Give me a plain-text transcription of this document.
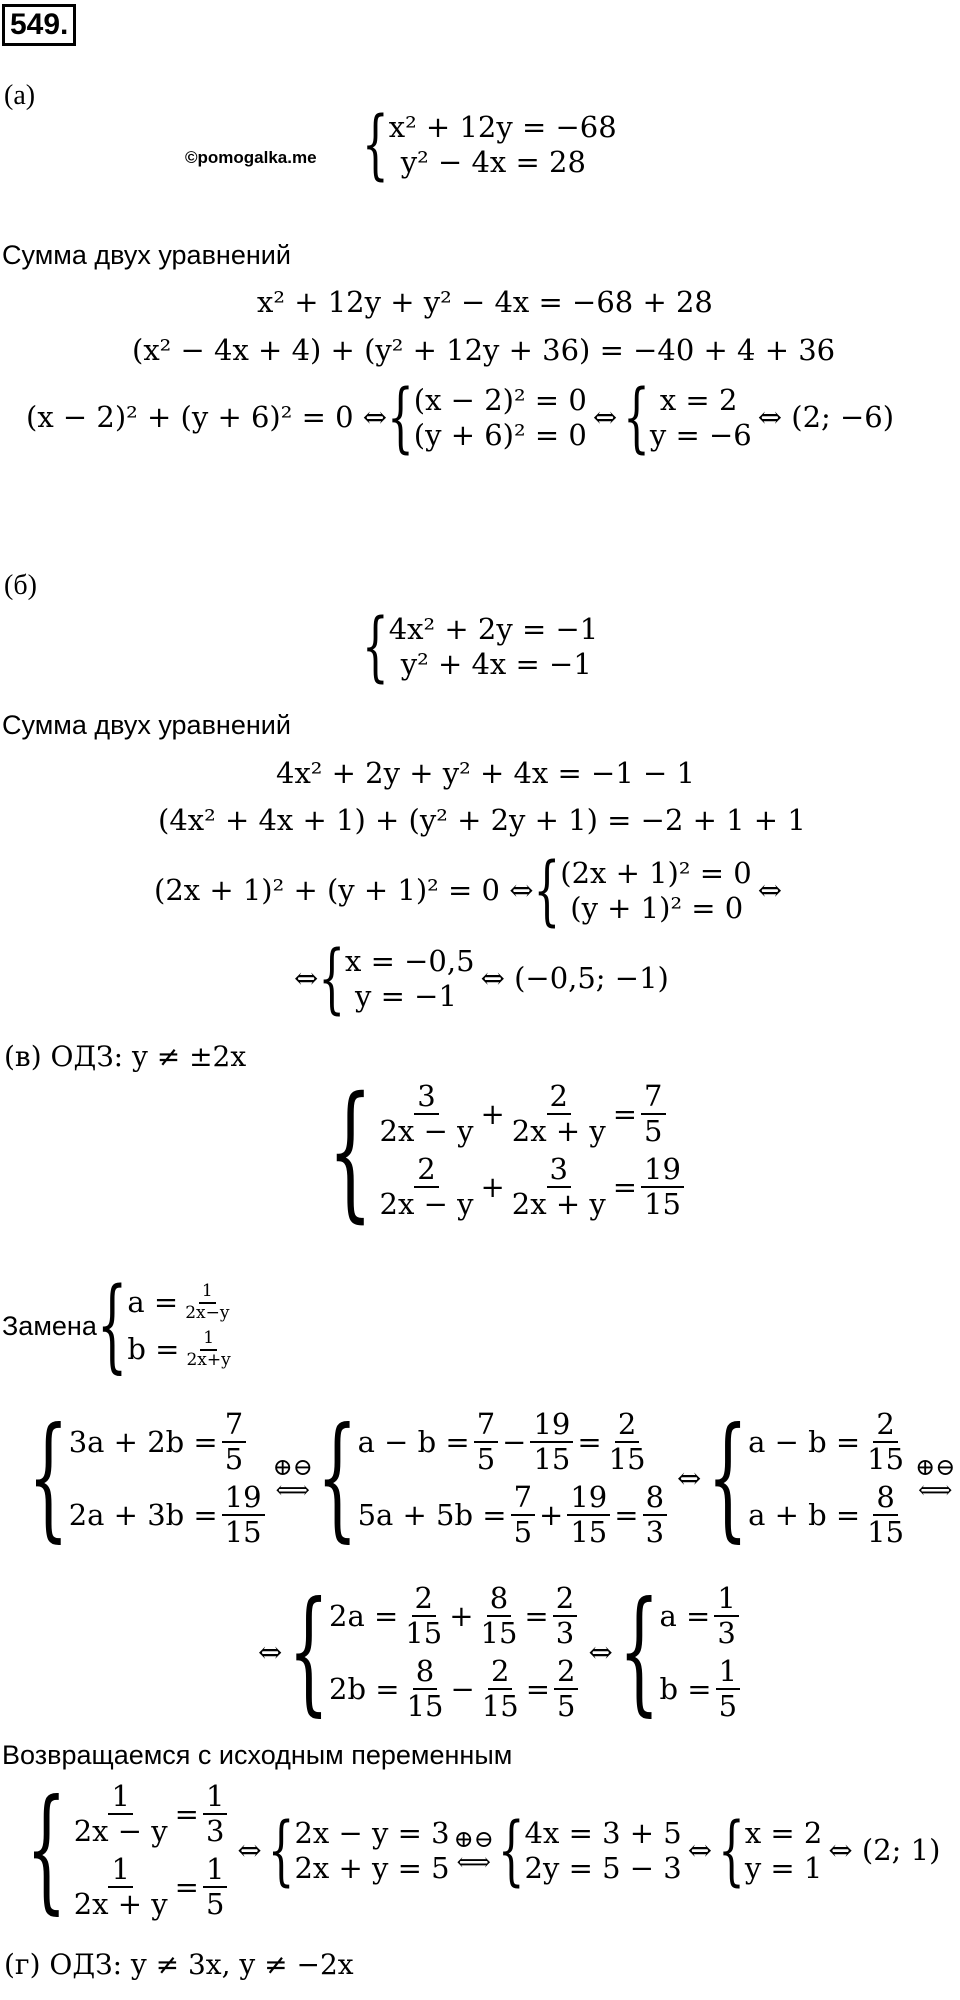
549.
(а)
©pomogalka.me { x² + 12y = −68
y² − 4x = 28
Сумма двух уравнений
x² + 12y + y² − 4x = −68 + 28
(x² − 4x + 4) + (y² + 12y + 36) = −40 + 4 + 36
(x − 2)² + (y + 6)² = 0 ⇔ { (x − 2)² = 0
(y + 6)² = 0
⇔ { x = 2
y = −6
⇔ (2; −6)
(б)
{ 4x² + 2y = −1
y² + 4x = −1
Сумма двух уравнений
4x² + 2y + y² + 4x = −1 − 1
(4x² + 4x + 1) + (y² + 2y + 1) = −2 + 1 + 1
(2x + 1)² + (y + 1)² = 0 ⇔ { (2x + 1)² = 0
(y + 1)² = 0
⇔
⇔ { x = −0,5
y = −1
⇔ (−0,5; −1)
(в) ОДЗ: y ≠ ±2x
{ $\frac{3}{2x - y} + \frac{2}{2x + y} = \frac{7}{5}$
$\frac{2}{2x - y} + \frac{3}{2x + y} = \frac{19}{15}$
Замена { $a = \frac{1}{2x-y}$
$b = \frac{1}{2x+y}$
{ $3a + 2b = \frac{7}{5}$
$2a + 3b = \frac{19}{15}$
⊕⊖
⟺ { $a - b = \frac{7}{5} - \frac{19}{15} = \frac{2}{15}$
$5a + 5b = \frac{7}{5} + \frac{19}{15} = \frac{8}{3}$
⇔ { $a - b = \frac{2}{15}$
$a + b = \frac{8}{15}$
⊕⊖
⟺
⇔ { $2a = \frac{2}{15} + \frac{8}{15} = \frac{2}{3}$
$2b = \frac{8}{15} - \frac{2}{15} = \frac{2}{5}$
⇔ { $a = \frac{1}{3}$
$b = \frac{1}{5}$
Возвращаемся с исходным переменным
{ $\frac{1}{2x - y} = \frac{1}{3}$
$\frac{1}{2x + y} = \frac{1}{5}$
⇔ { 2x − y = 3
2x + y = 5
⊕⊖
⟺ { 4x = 3 + 5
2y = 5 − 3
⇔ { x = 2
y = 1
⇔ (2; 1)
(г) ОДЗ: y ≠ 3x, y ≠ −2x
